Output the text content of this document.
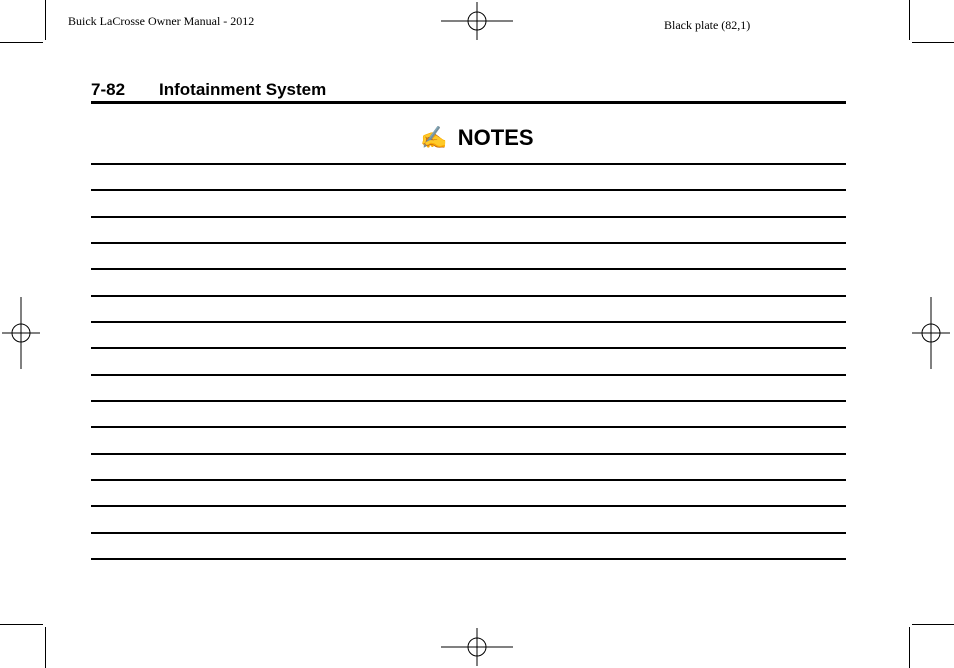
Buick LaCrosse Owner Manual - 2012	Black plate (82,1)
7-82 Infotainment System
✍ NOTES
